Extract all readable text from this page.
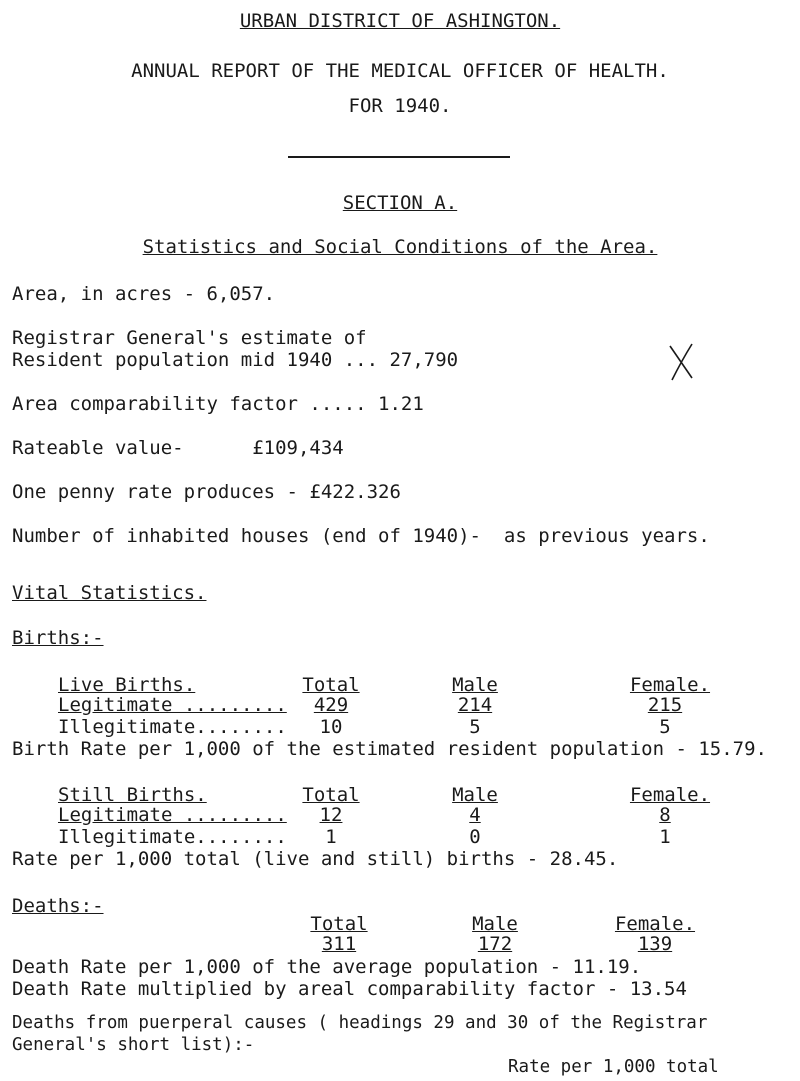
URBAN DISTRICT OF ASHINGTON.
ANNUAL REPORT OF THE MEDICAL OFFICER OF HEALTH.
FOR 1940.
SECTION A.
Statistics and Social Conditions of the Area.
Area, in acres - 6,057.
Registrar General's estimate of
Resident population mid 1940 ... 27,790
Area comparability factor ..... 1.21
Rateable value-      £109,434
One penny rate produces - £422.326
Number of inhabited houses (end of 1940)-  as previous years.
Vital Statistics.
Births:-
Live Births.	Total	Male	Female.
Legitimate .........	429	214	215
Illegitimate........	10	5	5
Birth Rate per 1,000 of the estimated resident population - 15.79.
Still Births.	Total	Male	Female.
Legitimate .........	12	4	8
Illegitimate........	1	0	1
Rate per 1,000 total (live and still) births - 28.45.
Deaths:-
Total	Male	Female.
311	172	139
Death Rate per 1,000 of the average population - 11.19.
Death Rate multiplied by areal comparability factor - 13.54
Deaths from puerperal causes ( headings 29 and 30 of the Registrar
General's short list):-
Rate per 1,000 total
